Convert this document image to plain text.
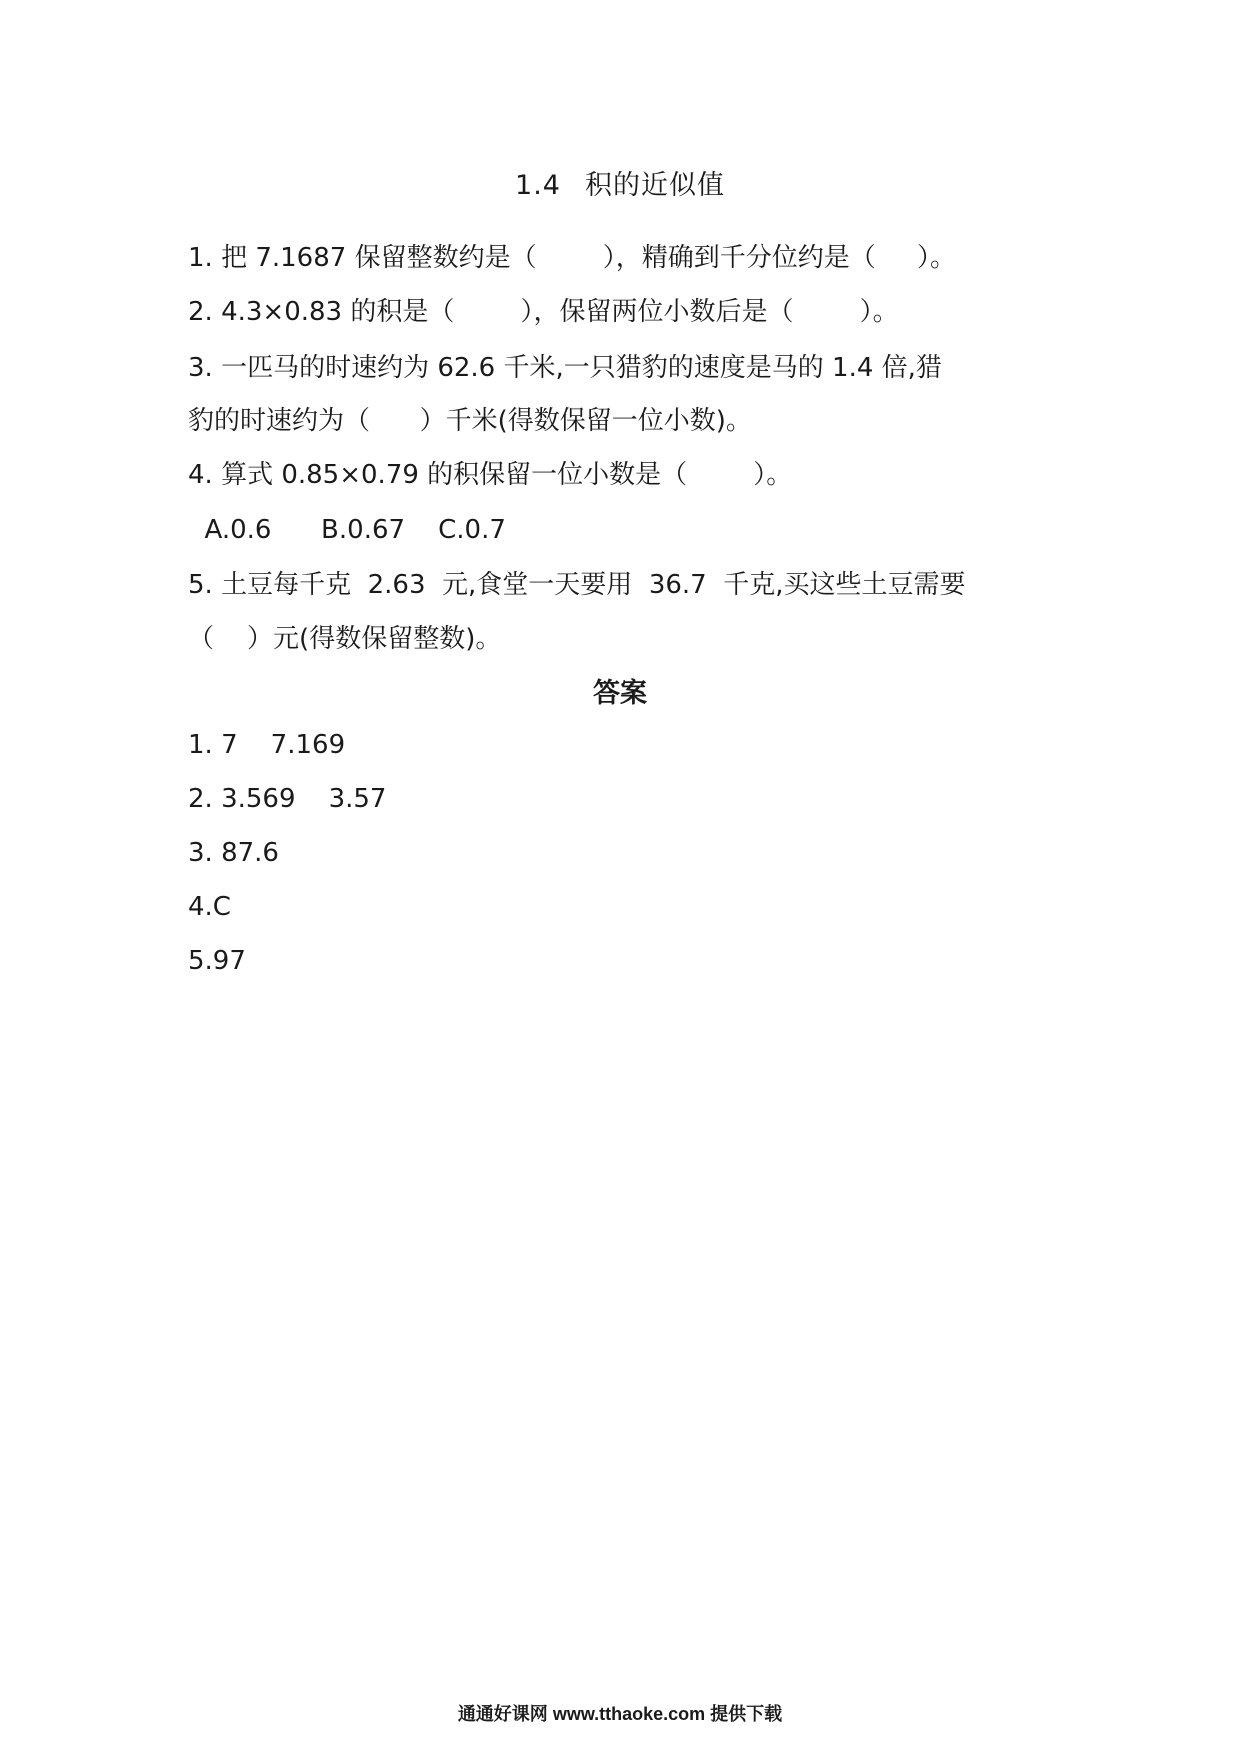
1.4 积的近似值
1. 把 7.1687 保留整数约是（        ），精确到千分位约是（     ）。
2. 4.3×0.83 的积是（        ），保留两位小数后是（        ）。
3. 一匹马的时速约为 62.6 千米,一只猎豹的速度是马的 1.4 倍,猎
豹的时速约为（      ）千米(得数保留一位小数)。
4. 算式 0.85×0.79 的积保留一位小数是（        ）。
A.0.6      B.0.67    C.0.7
5. 土豆每千克  2.63  元,食堂一天要用  36.7  千克,买这些土豆需要
（    ）元(得数保留整数)。
答案
1. 7    7.169
2. 3.569    3.57
3. 87.6
4.C
5.97
通通好课网 www.tthaoke.com 提供下载
